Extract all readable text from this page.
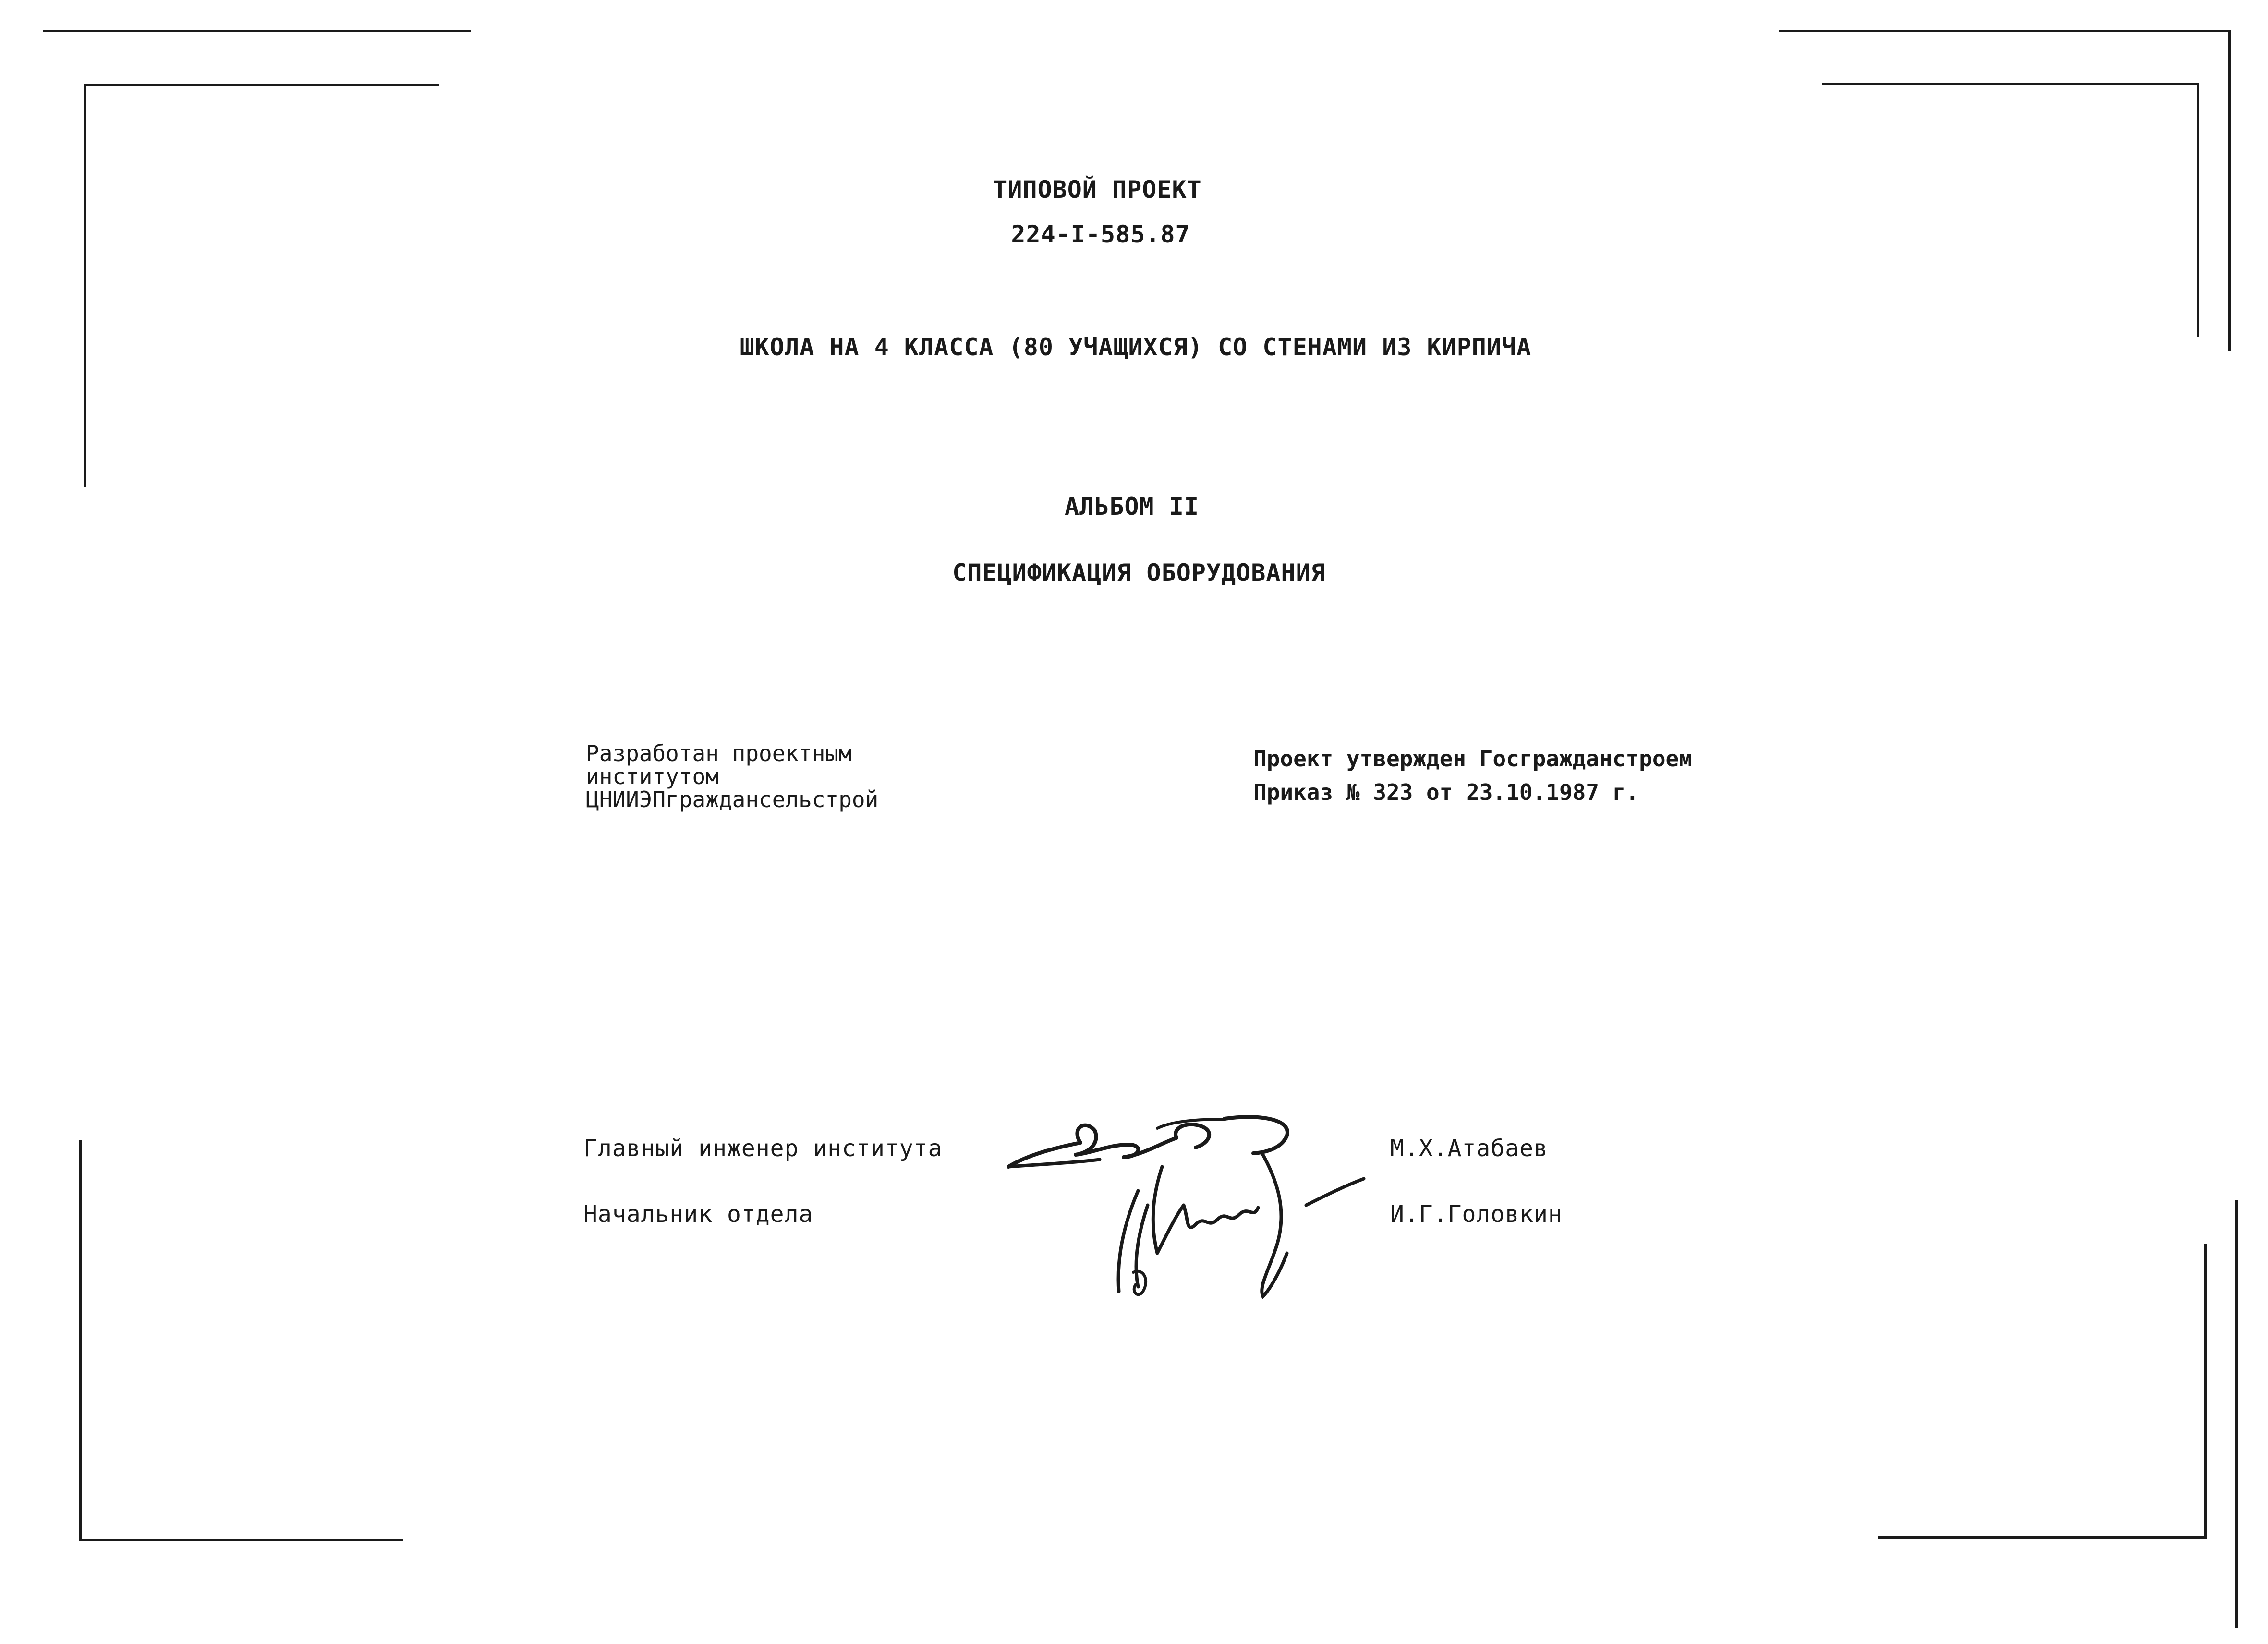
ТИПОВОЙ ПРОЕКТ
224-I-585.87
ШКОЛА НА 4 КЛАССА (80 УЧАЩИХСЯ) СО СТЕНАМИ ИЗ КИРПИЧА
АЛЬБОМ II
СПЕЦИФИКАЦИЯ ОБОРУДОВАНИЯ
Разработан проектным
институтом
ЦНИИЭПграждансельстрой
Проект утвержден Госгражданстроем
Приказ № 323 от 23.10.1987 г.
Главный инженер института	М.Х.Атабаев
Начальник отдела	И.Г.Головкин
